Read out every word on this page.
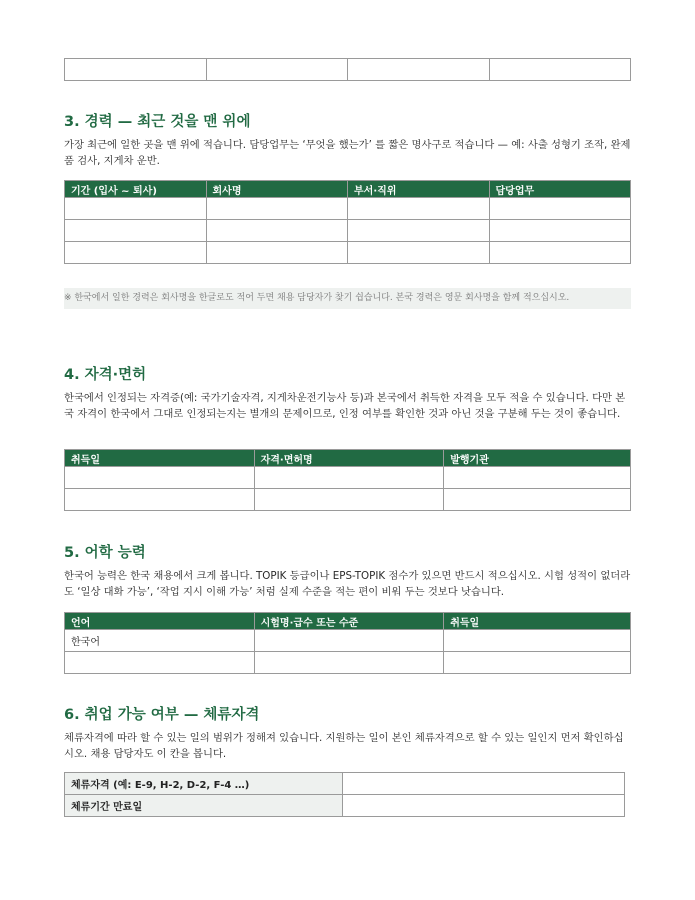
3. 경력 — 최근 것을 맨 위에

가장 최근에 일한 곳을 맨 위에 적습니다. 담당업무는 ‘무엇을 했는가’ 를 짧은 명사구로 적습니다 — 예: 사출 성형기 조작, 완제품 검사, 지게차 운반.

기간 (입사 ~ 퇴사)	회사명	부서·직위	담당업무

※ 한국에서 일한 경력은 회사명을 한글로도 적어 두면 채용 담당자가 찾기 쉽습니다. 본국 경력은 영문 회사명을 함께 적으십시오.
4. 자격·면허

한국에서 인정되는 자격증(예: 국가기술자격, 지게차운전기능사 등)과 본국에서 취득한 자격을 모두 적을 수 있습니다. 다만 본국 자격이 한국에서 그대로 인정되는지는 별개의 문제이므로, 인정 여부를 확인한 것과 아닌 것을 구분해 두는 것이 좋습니다.

취득일	자격·면허명	발행기관

5. 어학 능력

한국어 능력은 한국 채용에서 크게 봅니다. TOPIK 등급이나 EPS-TOPIK 점수가 있으면 반드시 적으십시오. 시험 성적이 없더라도 ‘일상 대화 가능’, ‘작업 지시 이해 가능’ 처럼 실제 수준을 적는 편이 비워 두는 것보다 낫습니다.

언어	시험명·급수 또는 수준	취득일
한국어		

6. 취업 가능 여부 — 체류자격

체류자격에 따라 할 수 있는 일의 범위가 정해져 있습니다. 지원하는 일이 본인 체류자격으로 할 수 있는 일인지 먼저 확인하십시오. 채용 담당자도 이 칸을 봅니다.

체류자격 (예: E-9, H-2, D-2, F-4 …)	
체류기간 만료일	
